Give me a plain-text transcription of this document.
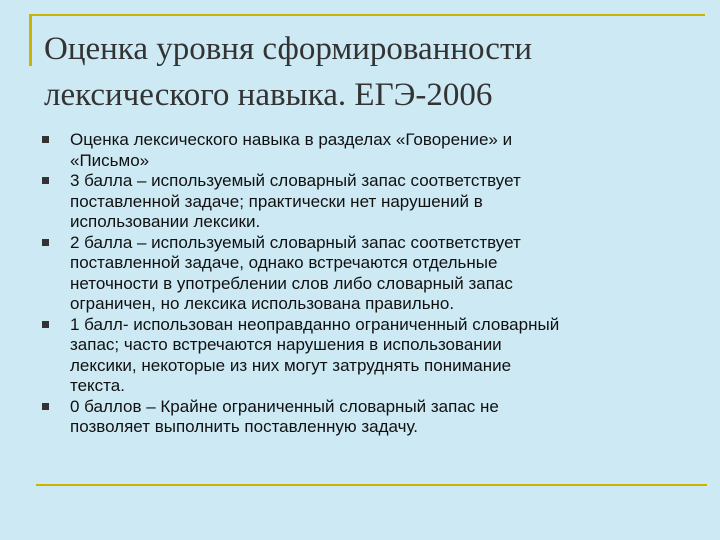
Оценка уровня сформированности
лексического навыка. ЕГЭ-2006
Оценка лексического навыка в разделах «Говорение» и
«Письмо»
3 балла – используемый словарный запас соответствует
поставленной задаче; практически нет нарушений в
использовании лексики.
2 балла – используемый словарный запас соответствует
поставленной задаче, однако встречаются отдельные
неточности в употреблении слов либо словарный запас
ограничен, но лексика использована правильно.
1 балл- использован неоправданно ограниченный словарный
запас; часто встречаются нарушения в использовании
лексики, некоторые из них могут затруднять понимание
текста.
0 баллов – Крайне ограниченный словарный запас не
позволяет выполнить поставленную задачу.
